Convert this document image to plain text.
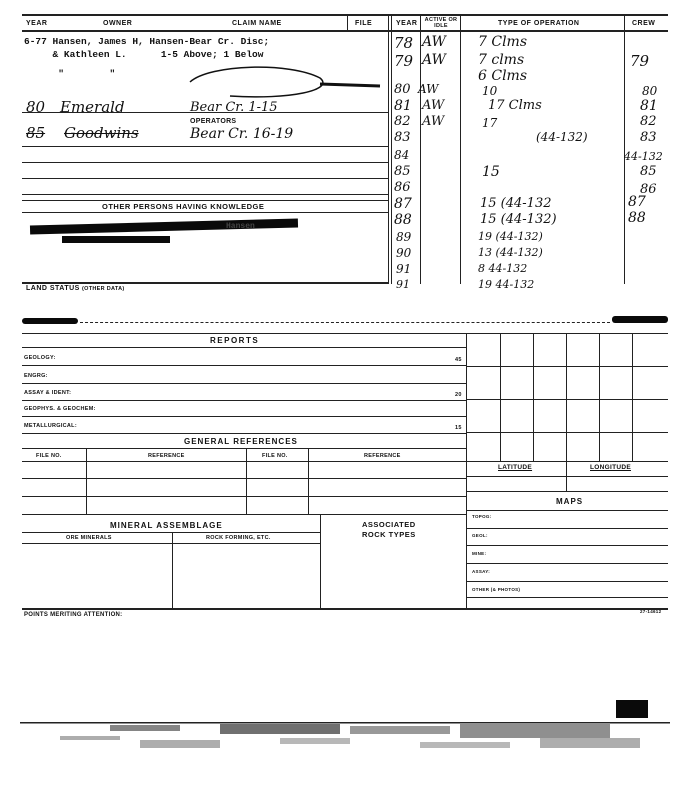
YEAR	OWNER	CLAIM NAME	FILE	YEAR	ACTIVE OR IDLE	TYPE OF OPERATION	CREW
6-77 Hansen, James H, Hansen-Bear Cr. Disc;
& Kathleen L.      1-5 Above; 1 Below
"        "
OPERATORS
80 Emerald	Bear Cr. 1-15
85 Goodwins	Bear Cr. 16-19
OTHER PERSONS HAVING KNOWLEDGE
Hansen
78 AW 7 Clms
79 AW 7 clms	79
6 Clms
80 AW	10	80
81 AW	17 Clms	81
82 AW	17	82
83	(44-132)	83
84	44-132
85	15	85
86	86
87	15 (44-132	87
88	15 (44-132)	88
89	19 (44-132)
90	13 (44-132)
91	8 44-132
91	19 44-132
LAND STATUS (OTHER DATA)
REPORTS
GEOLOGY:	45
ENGRG:
ASSAY & IDENT:	20
GEOPHYS. & GEOCHEM:
METALLURGICAL:	15
GENERAL REFERENCES
FILE NO.	REFERENCE	FILE NO.	REFERENCE
LATITUDE	LONGITUDE
MAPS
TOPOG:
GEOL:
MINE:
ASSAY:
OTHER (& PHOTOS)
MINERAL ASSEMBLAGE	ASSOCIATED
ROCK TYPES
ORE MINERALS	ROCK FORMING, ETC.
POINTS MERITING ATTENTION:
27-14612
